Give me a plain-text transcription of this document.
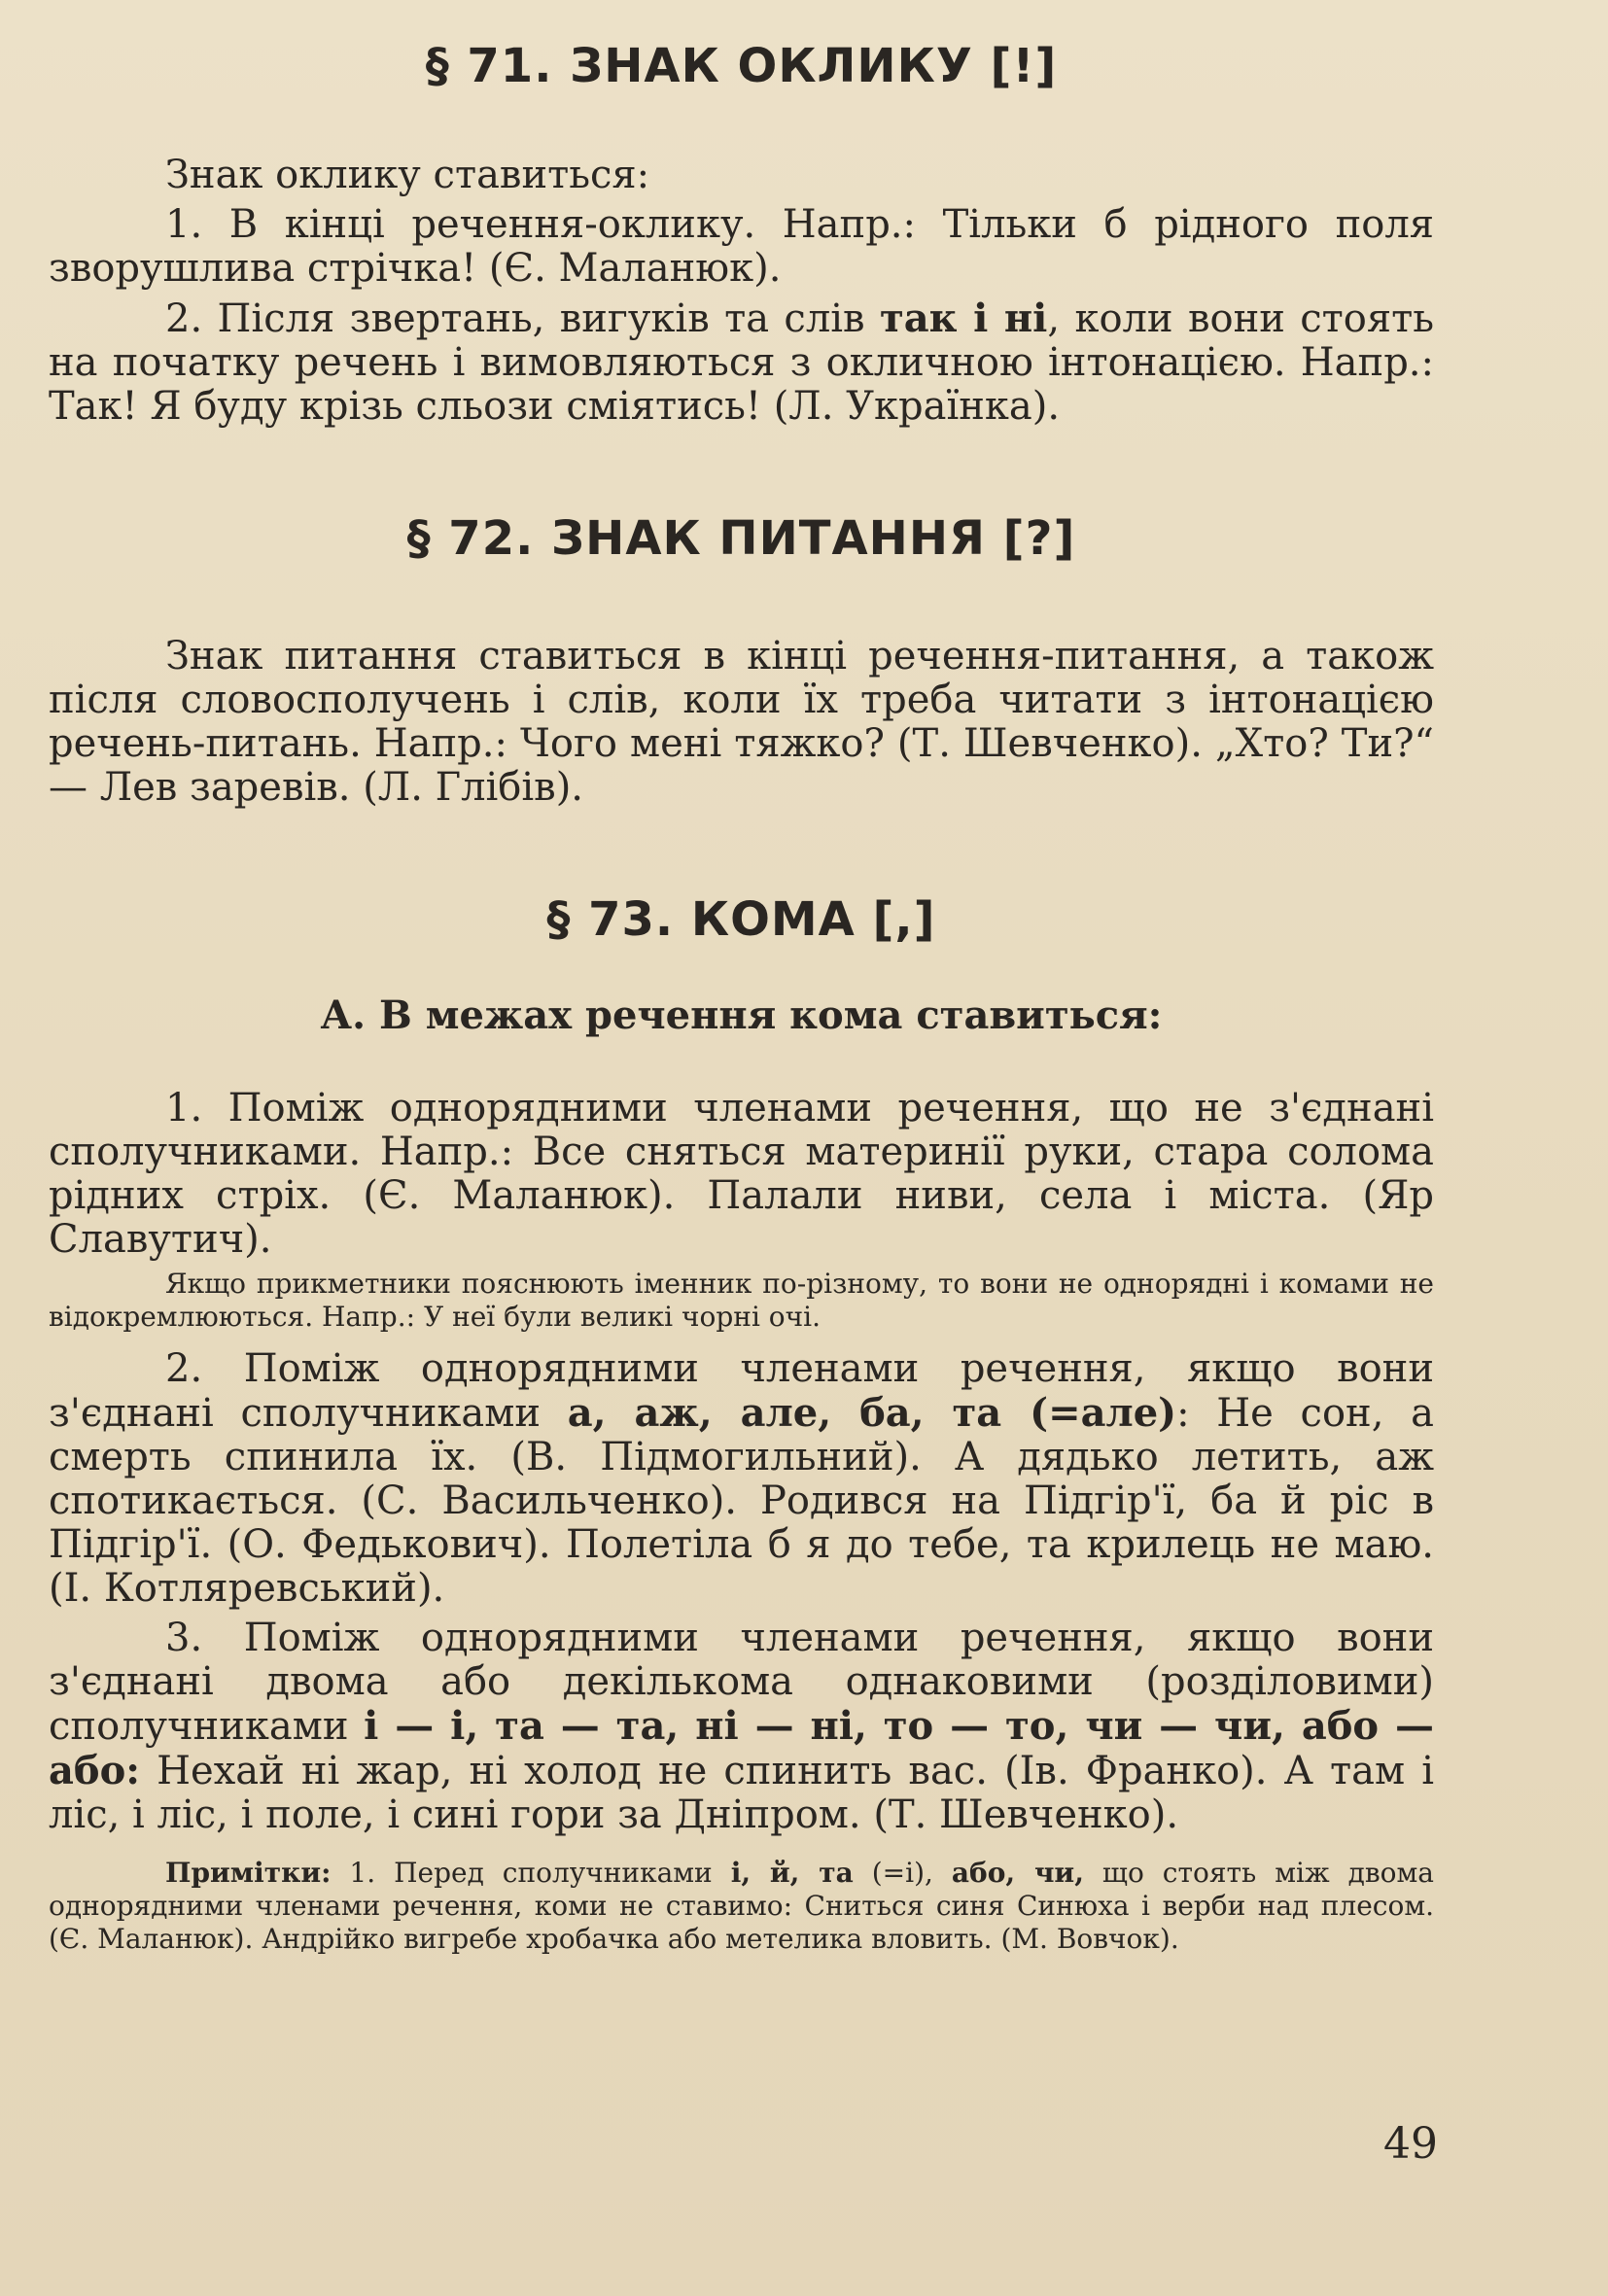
§ 71. ЗНАК ОКЛИКУ [!]

Знак оклику ставиться:

1. В кінці речення-оклику. Напр.: Тільки б рідного поля зворушлива стрічка! (Є. Маланюк).

2. Після звертань, вигуків та слів так і ні, коли вони стоять на початку речень і вимовляються з окличною інтонацією. Напр.: Так! Я буду крізь сльози сміятись! (Л. Українка).

§ 72. ЗНАК ПИТАННЯ [?]

Знак питання ставиться в кінці речення-питання, а також після словосполучень і слів, коли їх треба читати з інтонацією речень-питань. Напр.: Чого мені тяжко? (Т. Шевченко). „Хто? Ти?“ — Лев заревів. (Л. Глібів).

§ 73. КОМА [,]
А. В межах речення кома ставиться:

1. Поміж однорядними членами речення, що не з'єднані сполучниками. Напр.: Все сняться материнії руки, стара солома рідних стріх. (Є. Маланюк). Палали ниви, села і міста. (Яр Славутич).

Якщо прикметники пояснюють іменник по-різному, то вони не однорядні і комами не відокремлюються. Напр.: У неї були великі чорні очі.

2. Поміж однорядними членами речення, якщо вони з'єднані сполучниками а, аж, але, ба, та (=але): Не сон, а смерть спинила їх. (В. Підмогильний). А дядько летить, аж спотикається. (С. Васильченко). Родився на Підгір'ї, ба й ріс в Підгір'ї. (О. Федькович). Полетіла б я до тебе, та крилець не маю. (І. Котляревський).

3. Поміж однорядними членами речення, якщо вони з'єднані двома або декількома однаковими (розділовими) сполучниками і — і, та — та, ні — ні, то — то, чи — чи, або — або: Нехай ні жар, ні холод не спинить вас. (Ів. Франко). А там і ліс, і ліс, і поле, і сині гори за Дніпром. (Т. Шевченко).

Примітки: 1. Перед сполучниками і, й, та (=і), або, чи, що стоять між двома однорядними членами речення, коми не ставимо: Сниться синя Синюха і верби над плесом. (Є. Маланюк). Андрійко вигребе хробачка або метелика вловить. (М. Вовчок).

49
